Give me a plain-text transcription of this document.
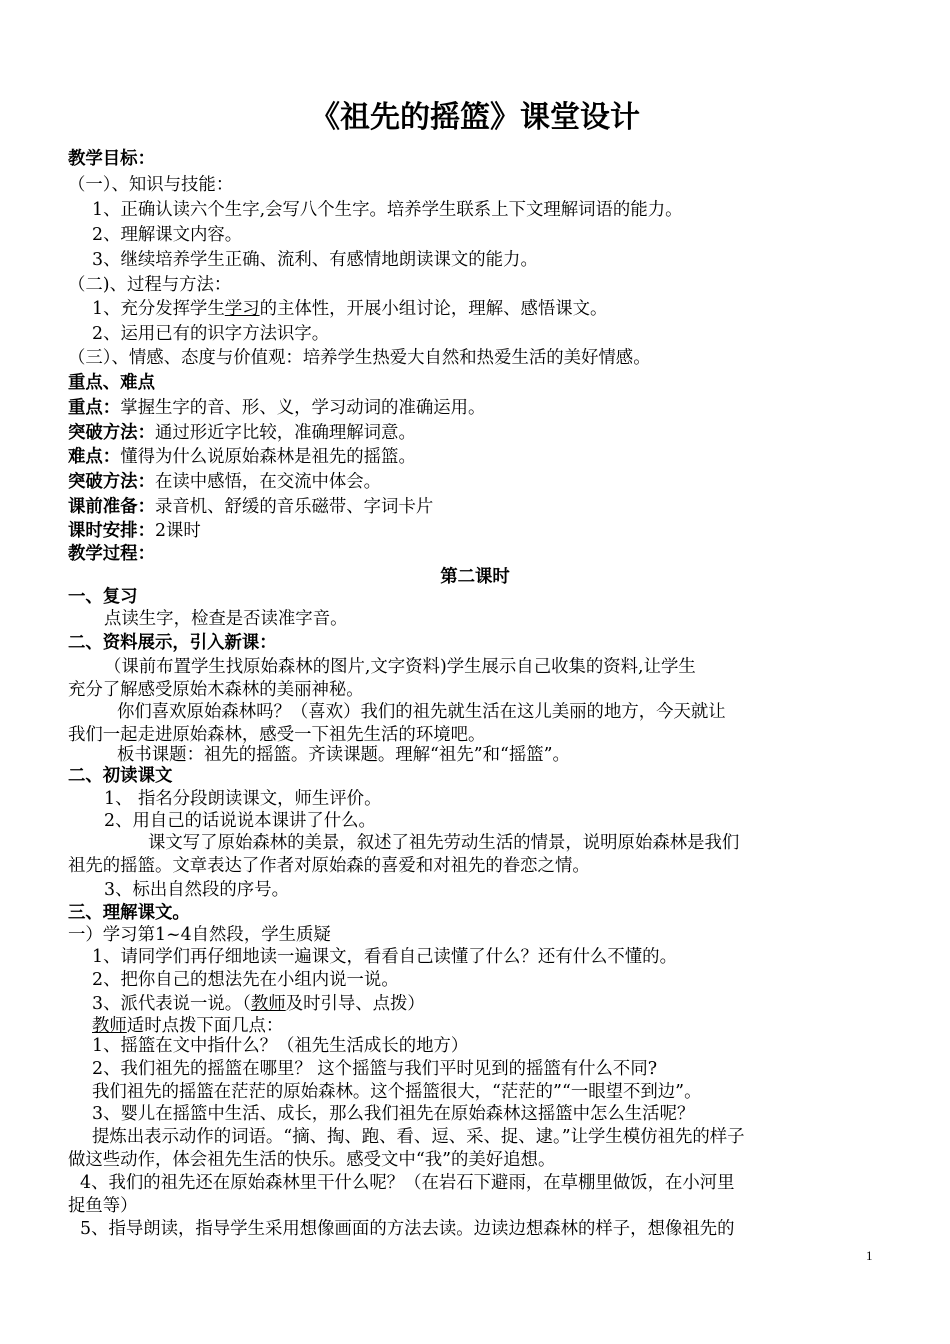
《祖先的摇篮》课堂设计
教学目标：
（一）、知识与技能：
1、正确认读六个生字,会写八个生字。培养学生联系上下文理解词语的能力。
2、理解课文内容。
3、继续培养学生正确、流利、有感情地朗读课文的能力。
（二)、过程与方法：
1、充分发挥学生学习的主体性，开展小组讨论，理解、感悟课文。
2、运用已有的识字方法识字。
（三）、情感、态度与价值观：培养学生热爱大自然和热爱生活的美好情感。
重点、难点
重点：掌握生字的音、形、义，学习动词的准确运用。
突破方法：通过形近字比较，准确理解词意。
难点：懂得为什么说原始森林是祖先的摇篮。
突破方法：在读中感悟，在交流中体会。
课前准备：录音机、舒缓的音乐磁带、字词卡片
课时安排：2课时
教学过程：
第二课时
一、复习
点读生字，检查是否读准字音。
二、资料展示，引入新课：
（课前布置学生找原始森林的图片,文字资料)学生展示自己收集的资料,让学生
充分了解感受原始木森林的美丽神秘。
你们喜欢原始森林吗？（喜欢）我们的祖先就生活在这儿美丽的地方，今天就让
我们一起走进原始森林，感受一下祖先生活的环境吧。
板书课题：祖先的摇篮。齐读课题。理解“祖先”和“摇篮”。
二、初读课文
1、 指名分段朗读课文，师生评价。
2、用自己的话说说本课讲了什么。
课文写了原始森林的美景，叙述了祖先劳动生活的情景，说明原始森林是我们
祖先的摇篮。文章表达了作者对原始森的喜爱和对祖先的眷恋之情。
3、标出自然段的序号。
三、理解课文。
一）学习第1~4自然段，学生质疑
1、请同学们再仔细地读一遍课文，看看自己读懂了什么？还有什么不懂的。
2、把你自己的想法先在小组内说一说。
3、派代表说一说。（教师及时引导、点拨）
教师适时点拨下面几点：
1、摇篮在文中指什么？（祖先生活成长的地方）
2、我们祖先的摇篮在哪里？ 这个摇篮与我们平时见到的摇篮有什么不同?
我们祖先的摇篮在茫茫的原始森林。这个摇篮很大，“茫茫的”“一眼望不到边”。
3、婴儿在摇篮中生活、成长，那么我们祖先在原始森林这摇篮中怎么生活呢？
提炼出表示动作的词语。“摘、掏、跑、看、逗、采、捉、逮。”让学生模仿祖先的样子
做这些动作，体会祖先生活的快乐。感受文中“我”的美好追想。
4、我们的祖先还在原始森林里干什么呢？（在岩石下避雨，在草棚里做饭，在小河里
捉鱼等）
5、指导朗读，指导学生采用想像画面的方法去读。边读边想森林的样子，想像祖先的
1
